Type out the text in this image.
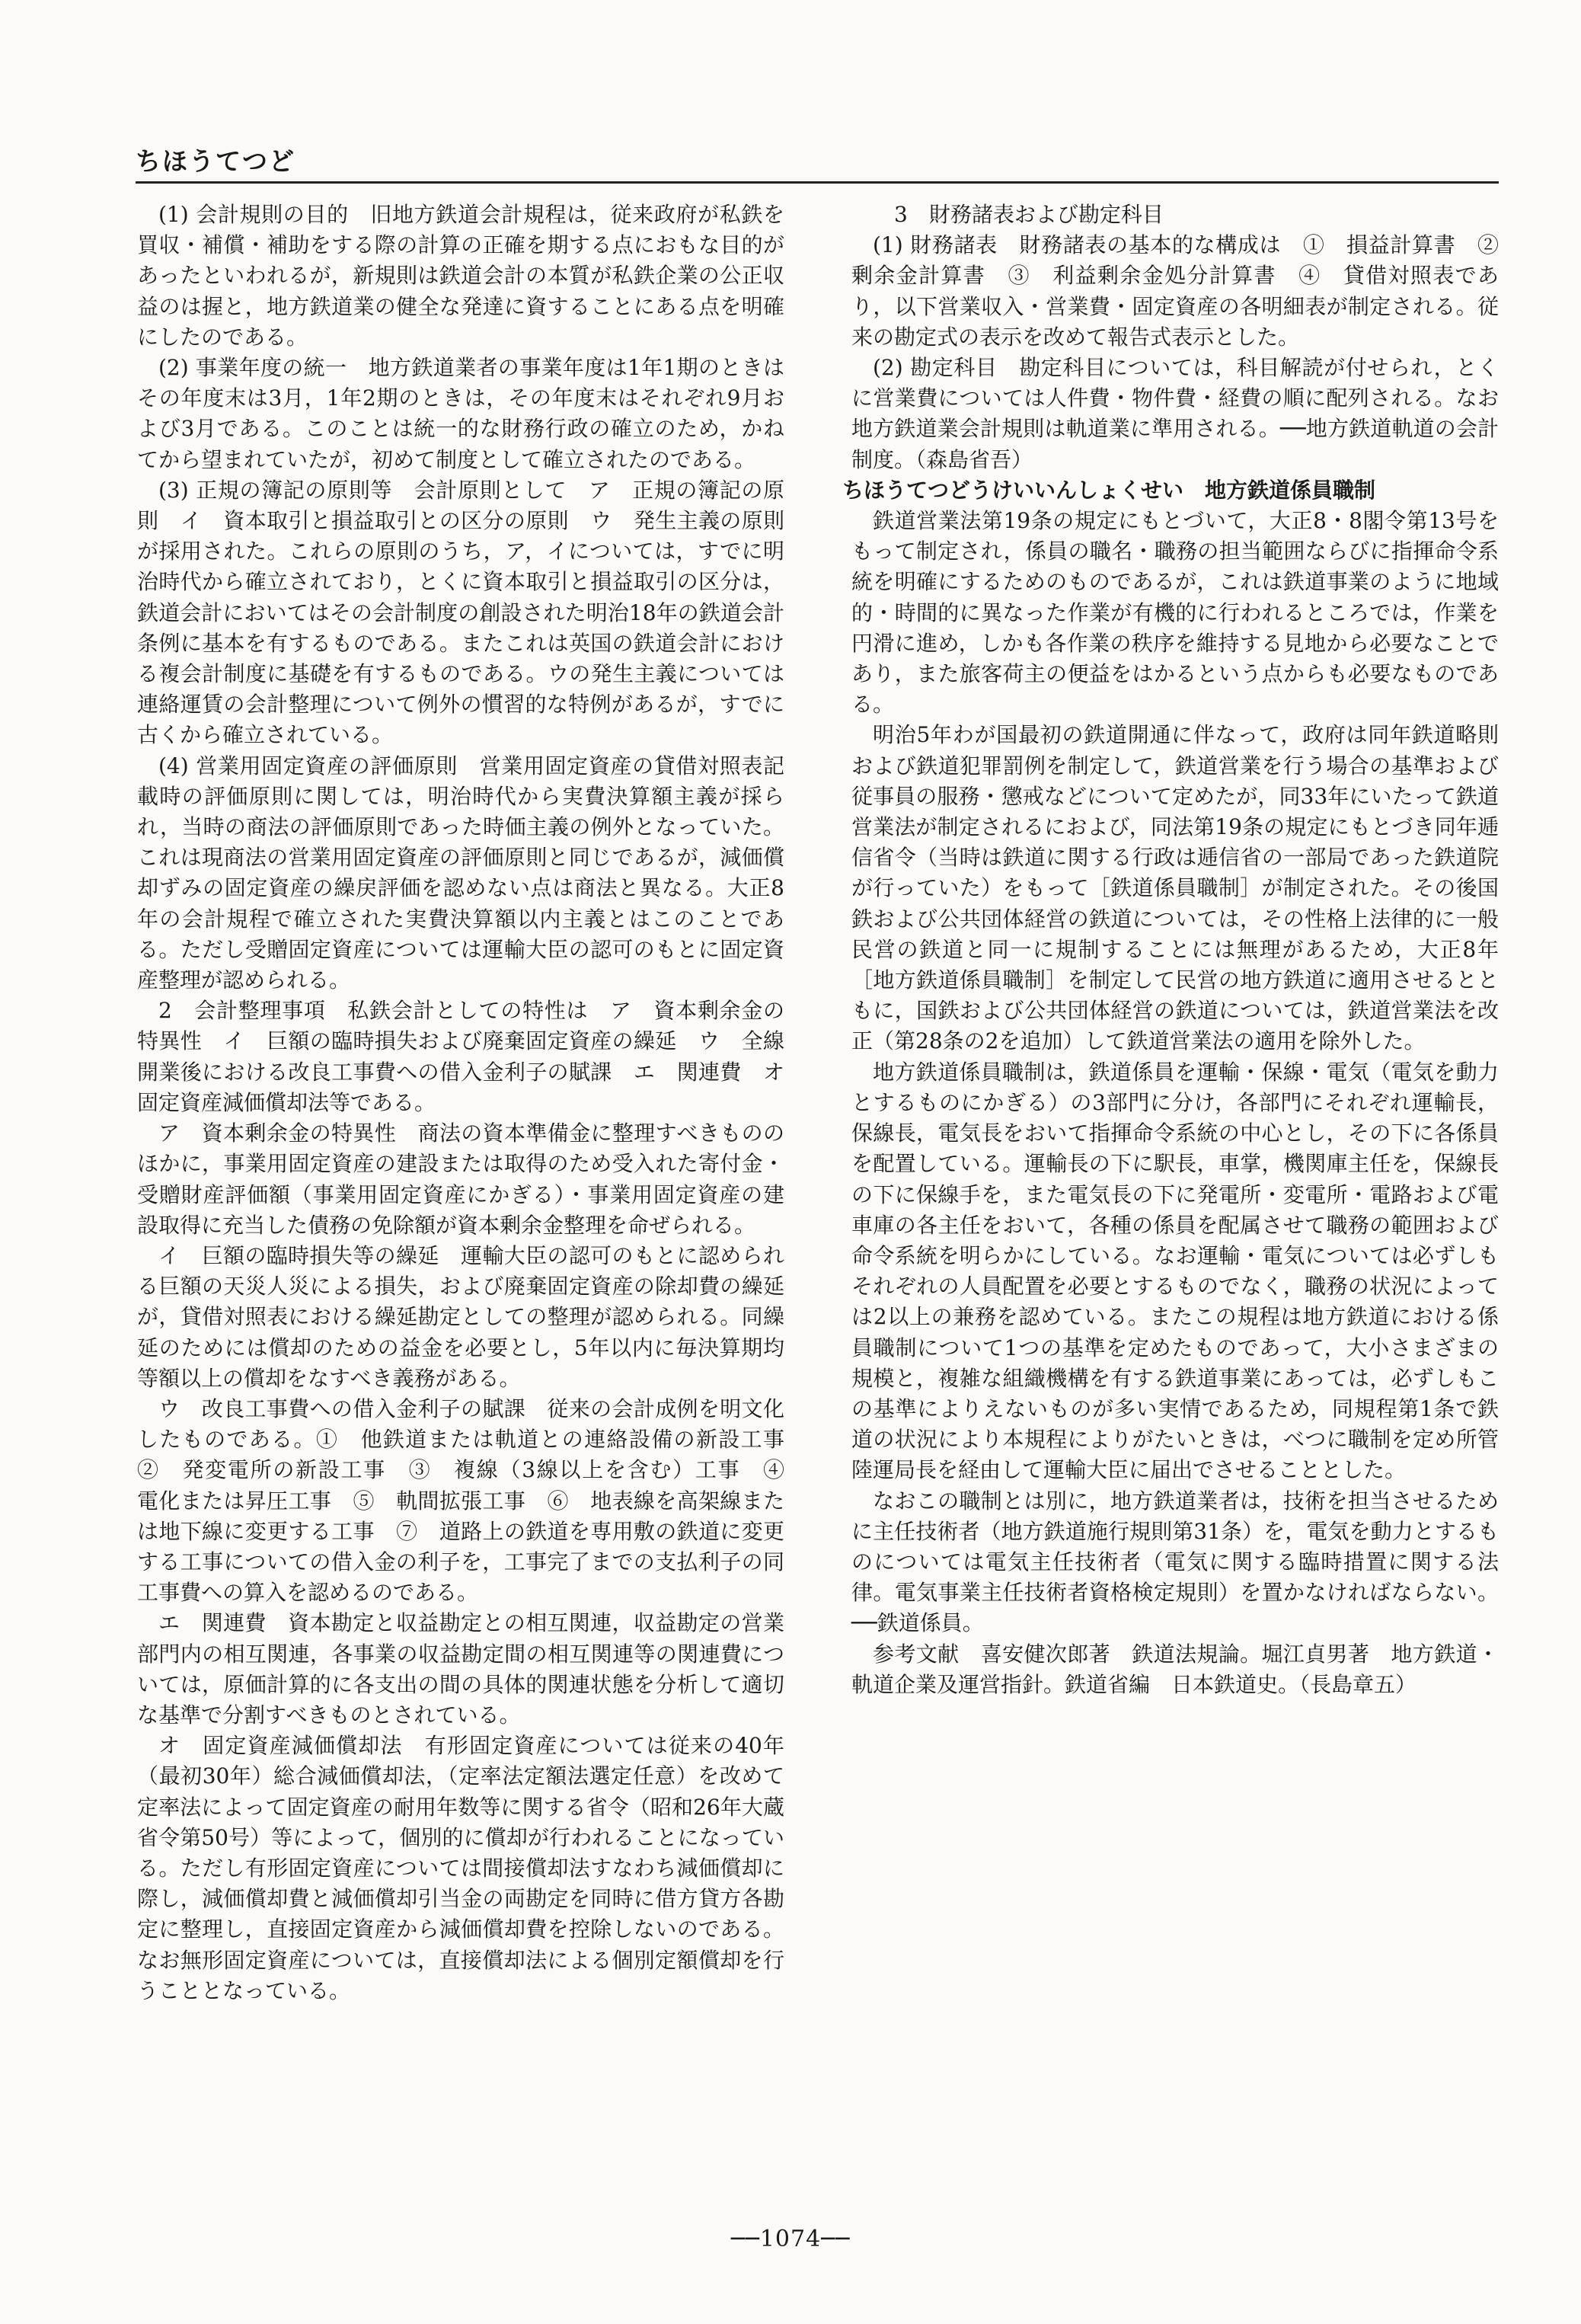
ちほうてつど

(1) 会計規則の目的　旧地方鉄道会計規程は，従来政府が私鉄を買収・補償・補助をする際の計算の正確を期する点におもな目的があったといわれるが，新規則は鉄道会計の本質が私鉄企業の公正収益のは握と，地方鉄道業の健全な発達に資することにある点を明確にしたのである。

(2) 事業年度の統一　地方鉄道業者の事業年度は1年1期のときはその年度末は3月，1年2期のときは，その年度末はそれぞれ9月および3月である。このことは統一的な財務行政の確立のため，かねてから望まれていたが，初めて制度として確立されたのである。

(3) 正規の簿記の原則等　会計原則として　ア　正規の簿記の原則　イ　資本取引と損益取引との区分の原則　ウ　発生主義の原則が採用された。これらの原則のうち，ア，イについては，すでに明治時代から確立されており，とくに資本取引と損益取引の区分は，鉄道会計においてはその会計制度の創設された明治18年の鉄道会計条例に基本を有するものである。またこれは英国の鉄道会計における複会計制度に基礎を有するものである。ウの発生主義については連絡運賃の会計整理について例外の慣習的な特例があるが，すでに古くから確立されている。

(4) 営業用固定資産の評価原則　営業用固定資産の貸借対照表記載時の評価原則に関しては，明治時代から実費決算額主義が採られ，当時の商法の評価原則であった時価主義の例外となっていた。これは現商法の営業用固定資産の評価原則と同じであるが，減価償却ずみの固定資産の繰戻評価を認めない点は商法と異なる。大正8年の会計規程で確立された実費決算額以内主義とはこのことである。ただし受贈固定資産については運輸大臣の認可のもとに固定資産整理が認められる。

2　会計整理事項　私鉄会計としての特性は　ア　資本剰余金の特異性　イ　巨額の臨時損失および廃棄固定資産の繰延　ウ　全線開業後における改良工事費への借入金利子の賦課　エ　関連費　オ　固定資産減価償却法等である。

ア　資本剰余金の特異性　商法の資本準備金に整理すべきもののほかに，事業用固定資産の建設または取得のため受入れた寄付金・受贈財産評価額（事業用固定資産にかぎる）・事業用固定資産の建設取得に充当した債務の免除額が資本剰余金整理を命ぜられる。

イ　巨額の臨時損失等の繰延　運輸大臣の認可のもとに認められる巨額の天災人災による損失，および廃棄固定資産の除却費の繰延が，貸借対照表における繰延勘定としての整理が認められる。同繰延のためには償却のための益金を必要とし，5年以内に毎決算期均等額以上の償却をなすべき義務がある。

ウ　改良工事費への借入金利子の賦課　従来の会計成例を明文化したものである。①　他鉄道または軌道との連絡設備の新設工事　②　発変電所の新設工事　③　複線（3線以上を含む）工事　④　電化または昇圧工事　⑤　軌間拡張工事　⑥　地表線を高架線または地下線に変更する工事　⑦　道路上の鉄道を専用敷の鉄道に変更する工事についての借入金の利子を，工事完了までの支払利子の同工事費への算入を認めるのである。

エ　関連費　資本勘定と収益勘定との相互関連，収益勘定の営業部門内の相互関連，各事業の収益勘定間の相互関連等の関連費については，原価計算的に各支出の間の具体的関連状態を分析して適切な基準で分割すべきものとされている。

オ　固定資産減価償却法　有形固定資産については従来の40年（最初30年）総合減価償却法，（定率法定額法選定任意）を改めて定率法によって固定資産の耐用年数等に関する省令（昭和26年大蔵省令第50号）等によって，個別的に償却が行われることになっている。ただし有形固定資産については間接償却法すなわち減価償却に際し，減価償却費と減価償却引当金の両勘定を同時に借方貸方各勘定に整理し，直接固定資産から減価償却費を控除しないのである。なお無形固定資産については，直接償却法による個別定額償却を行うこととなっている。

3　財務諸表および勘定科目

(1) 財務諸表　財務諸表の基本的な構成は　①　損益計算書　②　剰余金計算書　③　利益剰余金処分計算書　④　貸借対照表であり，以下営業収入・営業費・固定資産の各明細表が制定される。従来の勘定式の表示を改めて報告式表示とした。

(2) 勘定科目　勘定科目については，科目解読が付せられ，とくに営業費については人件費・物件費・経費の順に配列される。なお地方鉄道業会計規則は軌道業に準用される。──地方鉄道軌道の会計制度。（森島省吾）

ちほうてつどうけいいんしょくせい　地方鉄道係員職制

鉄道営業法第19条の規定にもとづいて，大正8・8閣令第13号をもって制定され，係員の職名・職務の担当範囲ならびに指揮命令系統を明確にするためのものであるが，これは鉄道事業のように地域的・時間的に異なった作業が有機的に行われるところでは，作業を円滑に進め，しかも各作業の秩序を維持する見地から必要なことであり，また旅客荷主の便益をはかるという点からも必要なものである。

明治5年わが国最初の鉄道開通に伴なって，政府は同年鉄道略則および鉄道犯罪罰例を制定して，鉄道営業を行う場合の基準および従事員の服務・懲戒などについて定めたが，同33年にいたって鉄道営業法が制定されるにおよび，同法第19条の規定にもとづき同年逓信省令（当時は鉄道に関する行政は逓信省の一部局であった鉄道院が行っていた）をもって［鉄道係員職制］が制定された。その後国鉄および公共団体経営の鉄道については，その性格上法律的に一般民営の鉄道と同一に規制することには無理があるため，大正8年［地方鉄道係員職制］を制定して民営の地方鉄道に適用させるとともに，国鉄および公共団体経営の鉄道については，鉄道営業法を改正（第28条の2を追加）して鉄道営業法の適用を除外した。

地方鉄道係員職制は，鉄道係員を運輸・保線・電気（電気を動力とするものにかぎる）の3部門に分け，各部門にそれぞれ運輸長，保線長，電気長をおいて指揮命令系統の中心とし，その下に各係員を配置している。運輸長の下に駅長，車掌，機関庫主任を，保線長の下に保線手を，また電気長の下に発電所・変電所・電路および電車庫の各主任をおいて，各種の係員を配属させて職務の範囲および命令系統を明らかにしている。なお運輸・電気については必ずしもそれぞれの人員配置を必要とするものでなく，職務の状況によっては2以上の兼務を認めている。またこの規程は地方鉄道における係員職制について1つの基準を定めたものであって，大小さまざまの規模と，複雑な組織機構を有する鉄道事業にあっては，必ずしもこの基準によりえないものが多い実情であるため，同規程第1条で鉄道の状況により本規程によりがたいときは，べつに職制を定め所管陸運局長を経由して運輸大臣に届出でさせることとした。

なおこの職制とは別に，地方鉄道業者は，技術を担当させるために主任技術者（地方鉄道施行規則第31条）を，電気を動力とするものについては電気主任技術者（電気に関する臨時措置に関する法律。電気事業主任技術者資格検定規則）を置かなければならない。──鉄道係員。

参考文献　喜安健次郎著　鉄道法規論。堀江貞男著　地方鉄道・軌道企業及運営指針。鉄道省編　日本鉄道史。（長島章五）

──1074──
